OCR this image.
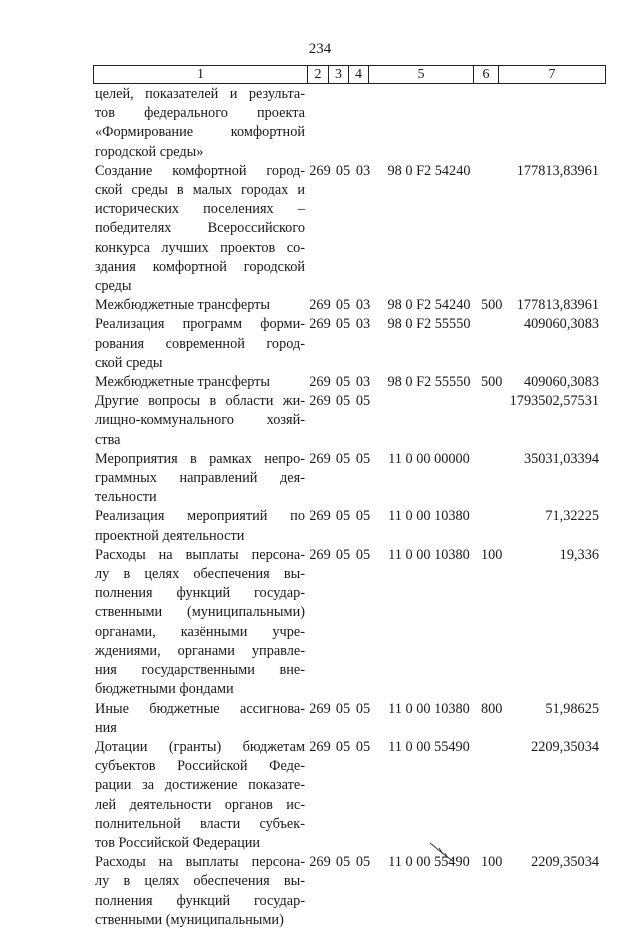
234
1	2 3 4	5	6	7
целей, показателей и результа-
тов федерального проекта
«Формирование комфортной
городской среды»
Создание комфортной город-
ской среды в малых городах и
исторических поселениях –
победителях Всероссийского
конкурса лучших проектов со-
здания комфортной городской
среды
269 05 03	98 0 F2 54240	177813,83961
Межбюджетные трансферты	269 05 03	98 0 F2 54240 500	177813,83961
Реализация программ форми-
рования современной город-
ской среды
269 05 03	98 0 F2 55550	409060,3083
Межбюджетные трансферты	269 05 03	98 0 F2 55550 500	409060,3083
Другие вопросы в области жи-
лищно-коммунального хозяй-
ства
269 05 05	1793502,57531
Мероприятия в рамках непро-
граммных направлений дея-
тельности
269 05 05	11 0 00 00000	35031,03394
Реализация мероприятий по
проектной деятельности
269 05 05	11 0 00 10380	71,32225
Расходы на выплаты персона-
лу в целях обеспечения вы-
полнения функций государ-
ственными (муниципальными)
органами, казёнными учре-
ждениями, органами управле-
ния государственными вне-
бюджетными фондами
269 05 05	11 0 00 10380 100	19,336
Иные бюджетные ассигнова-
ния
269 05 05	11 0 00 10380 800	51,98625
Дотации (гранты) бюджетам
субъектов Российской Феде-
рации за достижение показате-
лей деятельности органов ис-
полнительной власти субъек-
тов Российской Федерации
269 05 05	11 0 00 55490	2209,35034
Расходы на выплаты персона-
лу в целях обеспечения вы-
полнения функций государ-
ственными (муниципальными)
269 05 05	11 0 00 55490 100	2209,35034
